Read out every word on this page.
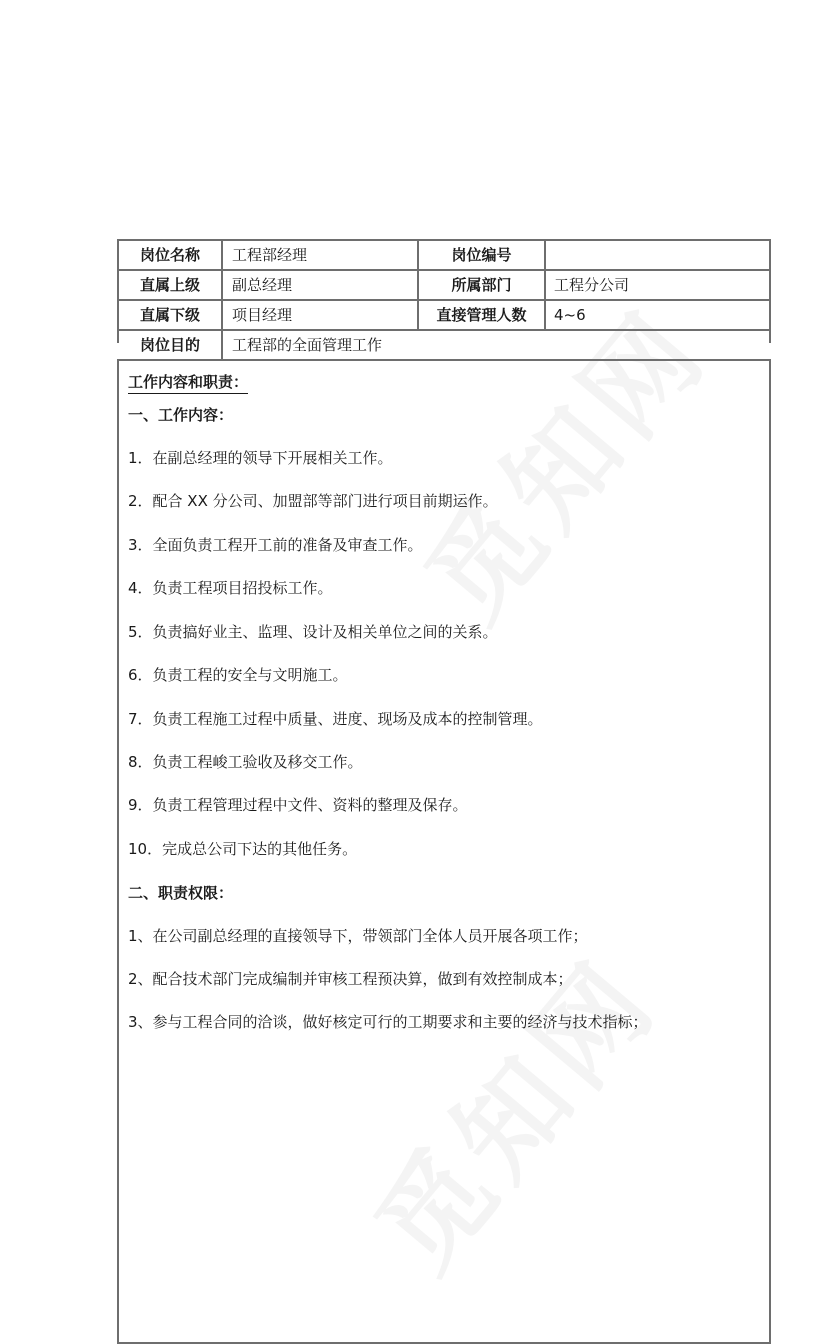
岗位名称	工程部经理	岗位编号
直属上级	副总经理	所属部门	工程分公司
直属下级	项目经理	直接管理人数	4~6
岗位目的	工程部的全面管理工作
工作内容和职责：
一、工作内容：
1．在副总经理的领导下开展相关工作。
2．配合 XX 分公司、加盟部等部门进行项目前期运作。
3．全面负责工程开工前的准备及审查工作。
4．负责工程项目招投标工作。
5．负责搞好业主、监理、设计及相关单位之间的关系。
6．负责工程的安全与文明施工。
7．负责工程施工过程中质量、进度、现场及成本的控制管理。
8．负责工程峻工验收及移交工作。
9．负责工程管理过程中文件、资料的整理及保存。
10．完成总公司下达的其他任务。
二、职责权限：
1、在公司副总经理的直接领导下，带领部门全体人员开展各项工作；
2、配合技术部门完成编制并审核工程预决算，做到有效控制成本；
3、参与工程合同的洽谈，做好核定可行的工期要求和主要的经济与技术指标；
